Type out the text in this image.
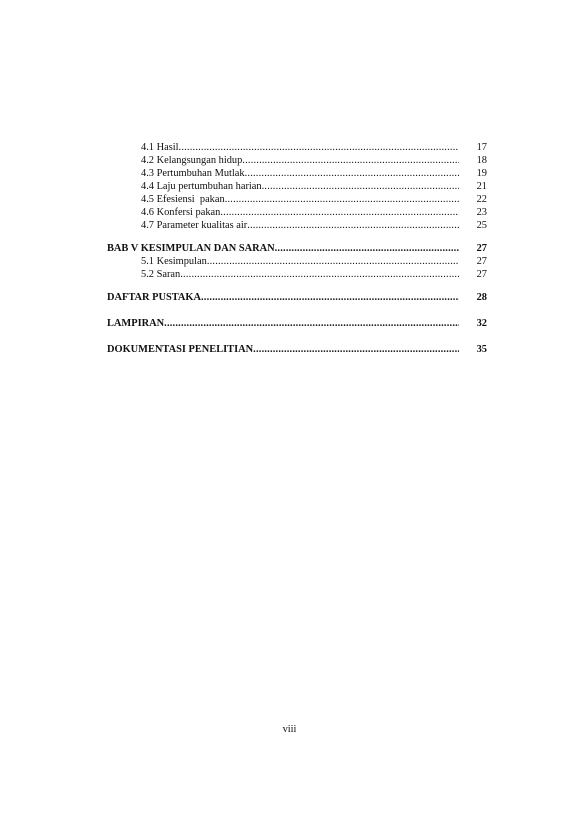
4.1 Hasil .....	17
4.2 Kelangsungan hidup .....	18
4.3 Pertumbuhan Mutlak .....	19
4.4 Laju pertumbuhan harian .....	21
4.5 Efesiensi  pakan .....	22
4.6 Konfersi pakan .....	23
4.7 Parameter kualitas air .....	25
BAB V KESIMPULAN DAN SARAN .....	27
5.1 Kesimpulan .....	27
5.2 Saran .....	27
DAFTAR PUSTAKA .....	28
LAMPIRAN .....	32
DOKUMENTASI PENELITIAN .....	35
viii
